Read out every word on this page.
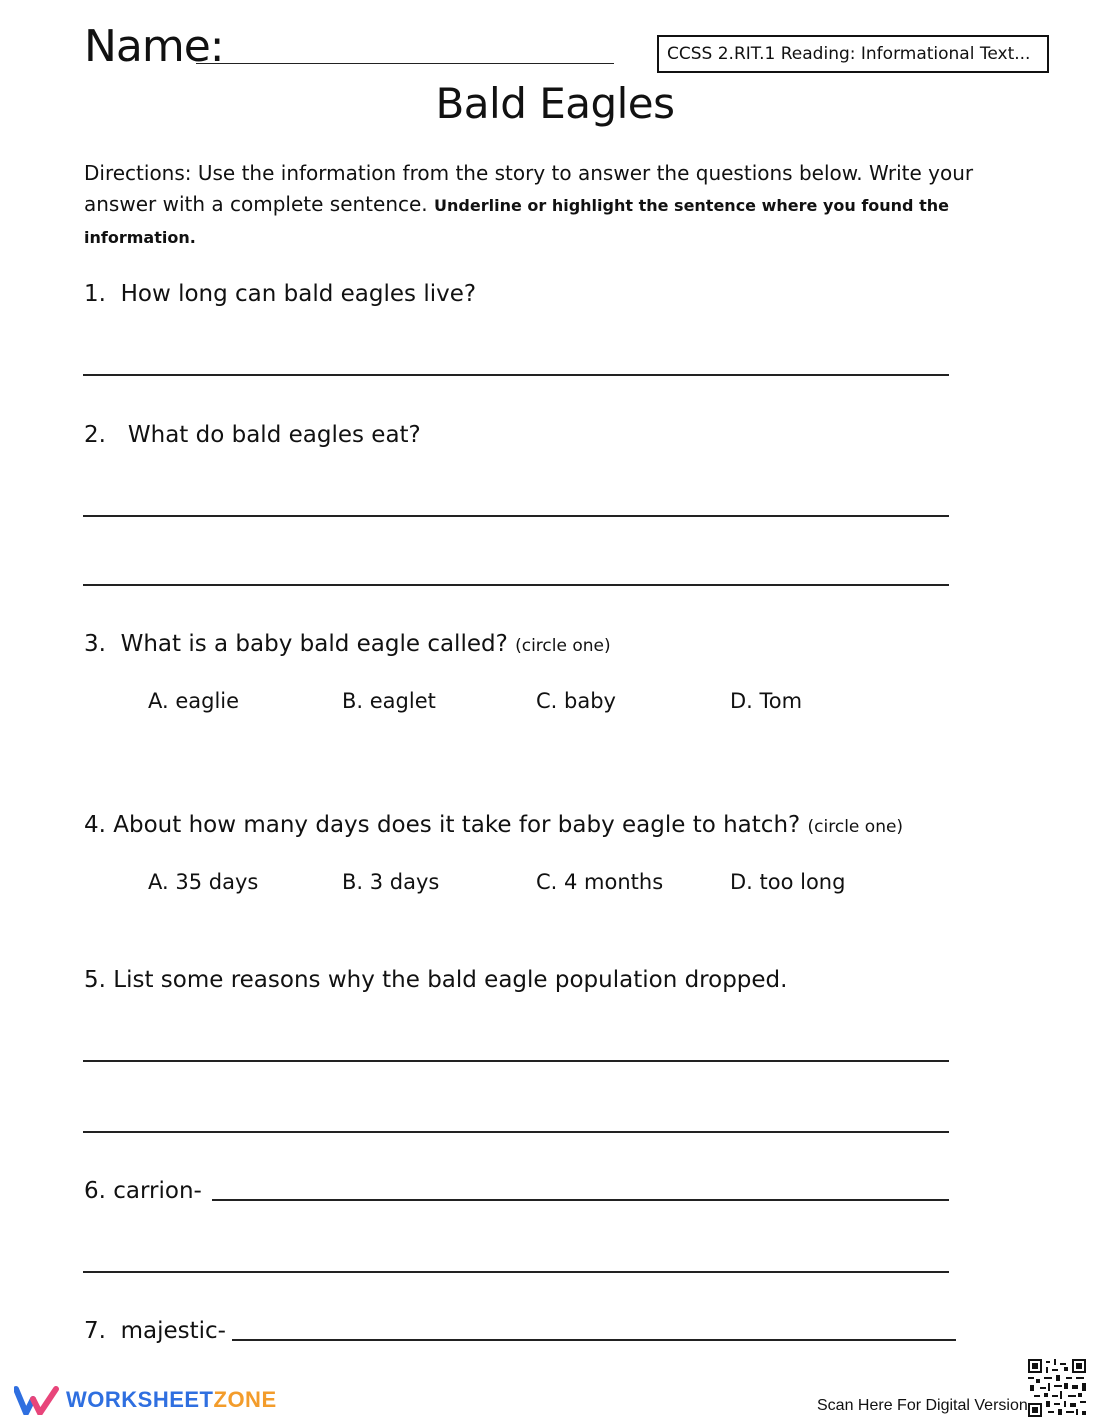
Name:	CCSS 2.RIT.1 Reading: Informational Text...
Bald Eagles
Directions: Use the information from the story to answer the questions below. Write your answer with a complete sentence. Underline or highlight the sentence where you found the information.
1. How long can bald eagles live?
2. What do bald eagles eat?
3. What is a baby bald eagle called? (circle one)
A. eaglie	B. eaglet	C. baby	D. Tom
4. About how many days does it take for baby eagle to hatch? (circle one)
A. 35 days	B. 3 days	C. 4 months	D. too long
5. List some reasons why the bald eagle population dropped.
6. carrion-
7. majestic-
WORKSHEETZONE	Scan Here For Digital Version
